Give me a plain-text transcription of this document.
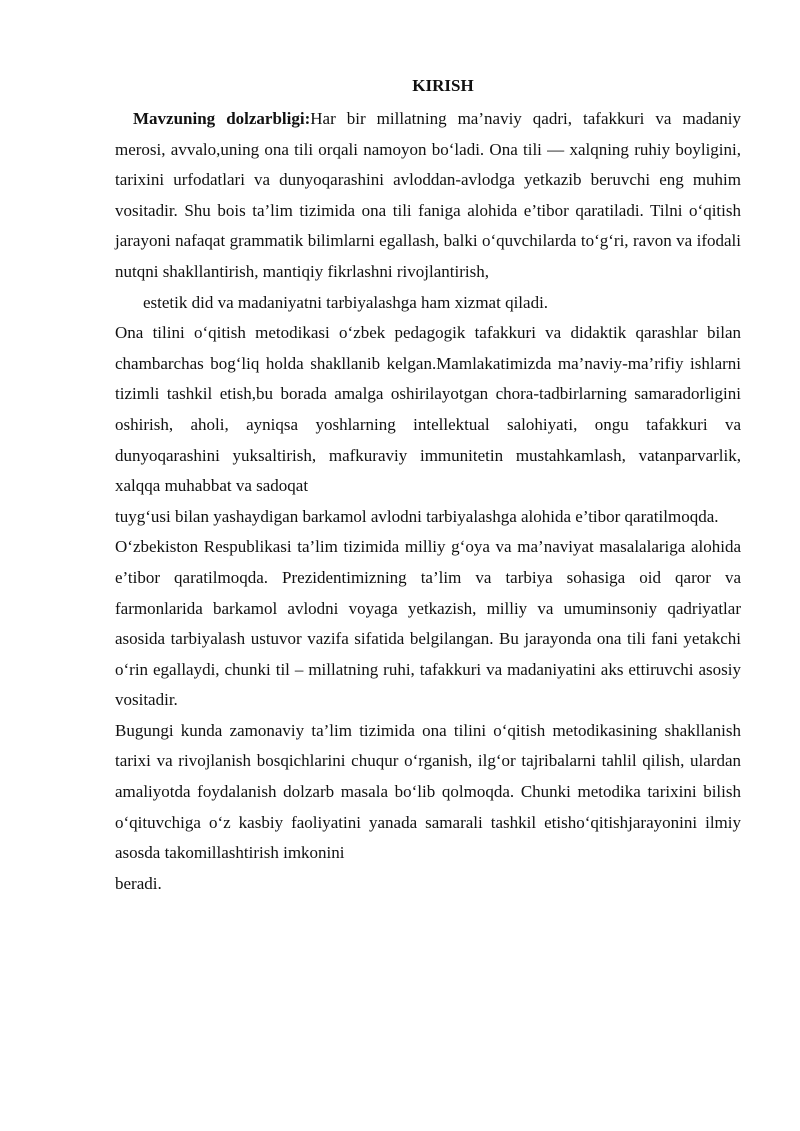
KIRISH

Mavzuning dolzarbligi:Har bir millatning ma’naviy qadri, tafakkuri va madaniy merosi, avvalo,uning ona tili orqali namoyon bo‘ladi. Ona tili — xalqning ruhiy boyligini, tarixini urfodatlari va dunyoqarashini avloddan-avlodga yetkazib beruvchi eng muhim vositadir. Shu bois ta’lim tizimida ona tili faniga alohida e’tibor qaratiladi. Tilni o‘qitish jarayoni nafaqat grammatik bilimlarni egallash, balki o‘quvchilarda to‘g‘ri, ravon va ifodali nutqni shakllantirish, mantiqiy fikrlashni rivojlantirish,

estetik did va madaniyatni tarbiyalashga ham xizmat qiladi.

Ona tilini o‘qitish metodikasi o‘zbek pedagogik tafakkuri va didaktik qarashlar bilan chambarchas bog‘liq holda shakllanib kelgan.Mamlakatimizda ma’naviy-ma’rifiy ishlarni tizimli tashkil etish,bu borada amalga oshirilayotgan chora-tadbirlarning samaradorligini oshirish, aholi, ayniqsa yoshlarning intellektual salohiyati, ongu tafakkuri va dunyoqarashini yuksaltirish, mafkuraviy immunitetin mustahkamlash, vatanparvarlik, xalqqa muhabbat va sadoqat

tuyg‘usi bilan yashaydigan barkamol avlodni tarbiyalashga alohida e’tibor qaratilmoqda.

O‘zbekiston Respublikasi ta’lim tizimida milliy g‘oya va ma’naviyat masalalariga alohida e’tibor qaratilmoqda. Prezidentimizning ta’lim va tarbiya sohasiga oid qaror va farmonlarida barkamol avlodni voyaga yetkazish, milliy va umuminsoniy qadriyatlar asosida tarbiyalash ustuvor vazifa sifatida belgilangan. Bu jarayonda ona tili fani yetakchi o‘rin egallaydi, chunki til – millatning ruhi, tafakkuri va madaniyatini aks ettiruvchi asosiy vositadir.

Bugungi kunda zamonaviy ta’lim tizimida ona tilini o‘qitish metodikasining shakllanish tarixi va rivojlanish bosqichlarini chuqur o‘rganish, ilg‘or tajribalarni tahlil qilish, ulardan amaliyotda foydalanish dolzarb masala bo‘lib qolmoqda. Chunki metodika tarixini bilish o‘qituvchiga o‘z kasbiy faoliyatini yanada samarali tashkil etisho‘qitishjarayonini ilmiy asosda takomillashtirish imkonini

beradi.
